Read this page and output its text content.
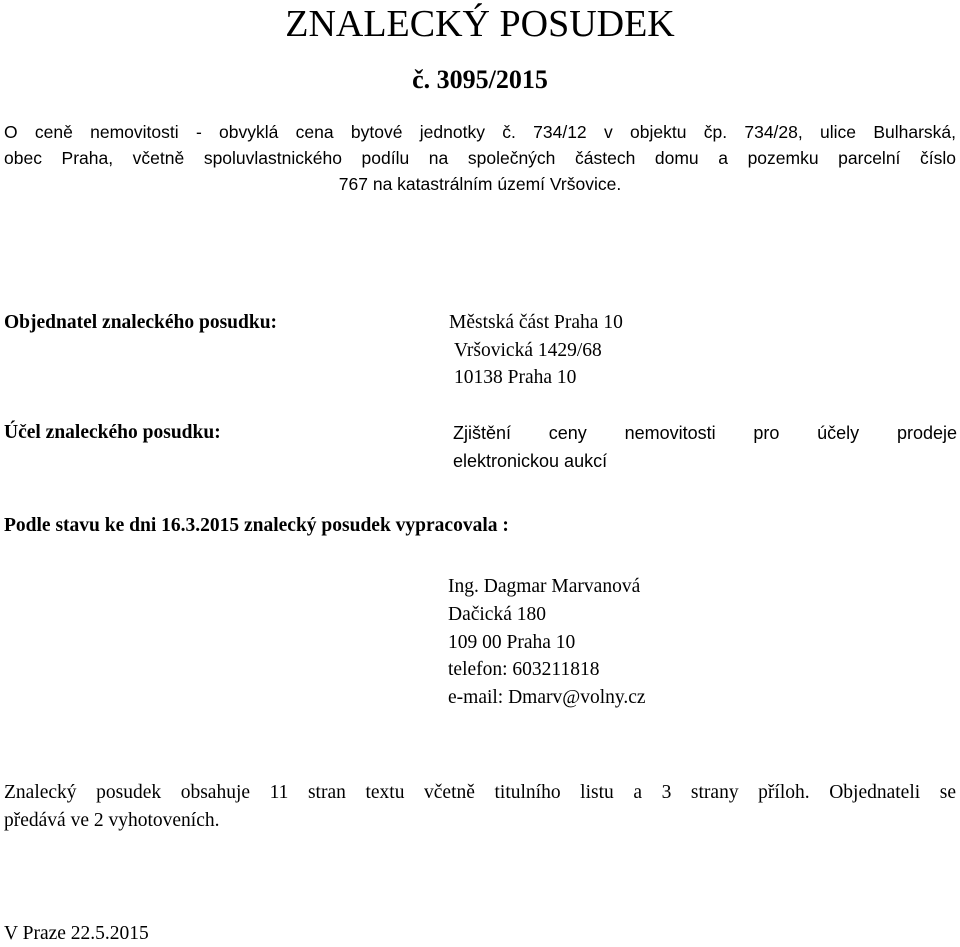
ZNALECKÝ POSUDEK
č. 3095/2015
O ceně nemovitosti - obvyklá cena bytové jednotky č. 734/12 v objektu čp. 734/28, ulice Bulharská,
obec Praha, včetně spoluvlastnického podílu na společných částech domu a pozemku parcelní číslo
767 na katastrálním území Vršovice.
Objednatel znaleckého posudku:	Městská část Praha 10
Vršovická 1429/68
10138 Praha 10
Účel znaleckého posudku:	Zjištění ceny nemovitosti pro účely prodeje
elektronickou aukcí
Podle stavu ke dni 16.3.2015 znalecký posudek vypracovala :
Ing. Dagmar Marvanová
Dačická 180
109 00 Praha 10
telefon: 603211818
e-mail: Dmarv@volny.cz
Znalecký posudek obsahuje 11 stran textu včetně titulního listu a 3 strany příloh. Objednateli se
předává ve 2 vyhotoveních.
V Praze 22.5.2015
